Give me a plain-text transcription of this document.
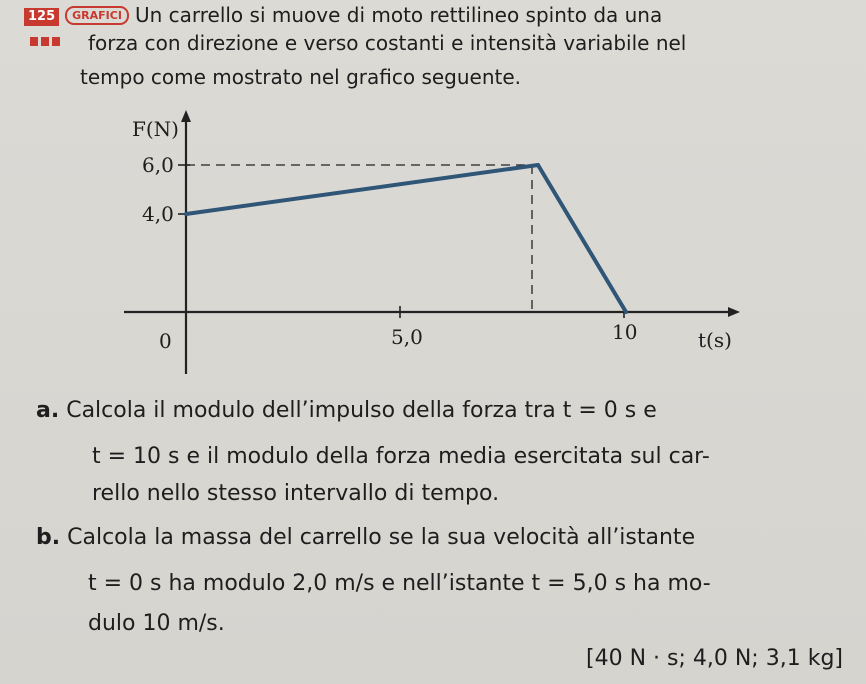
125 GRAFICI Un carrello si muove di moto rettilineo spinto da una
forza con direzione e verso costanti e intensità variabile nel
tempo come mostrato nel grafico seguente.
F(N)
t(s)
6,0
4,0
0	5,0	10
a. Calcola il modulo dell’impulso della forza tra t = 0 s e
t = 10 s e il modulo della forza media esercitata sul car-
rello nello stesso intervallo di tempo.
b. Calcola la massa del carrello se la sua velocità all’istante
t = 0 s ha modulo 2,0 m/s e nell’istante t = 5,0 s ha mo-
dulo 10 m/s.
[40 N · s; 4,0 N; 3,1 kg]
